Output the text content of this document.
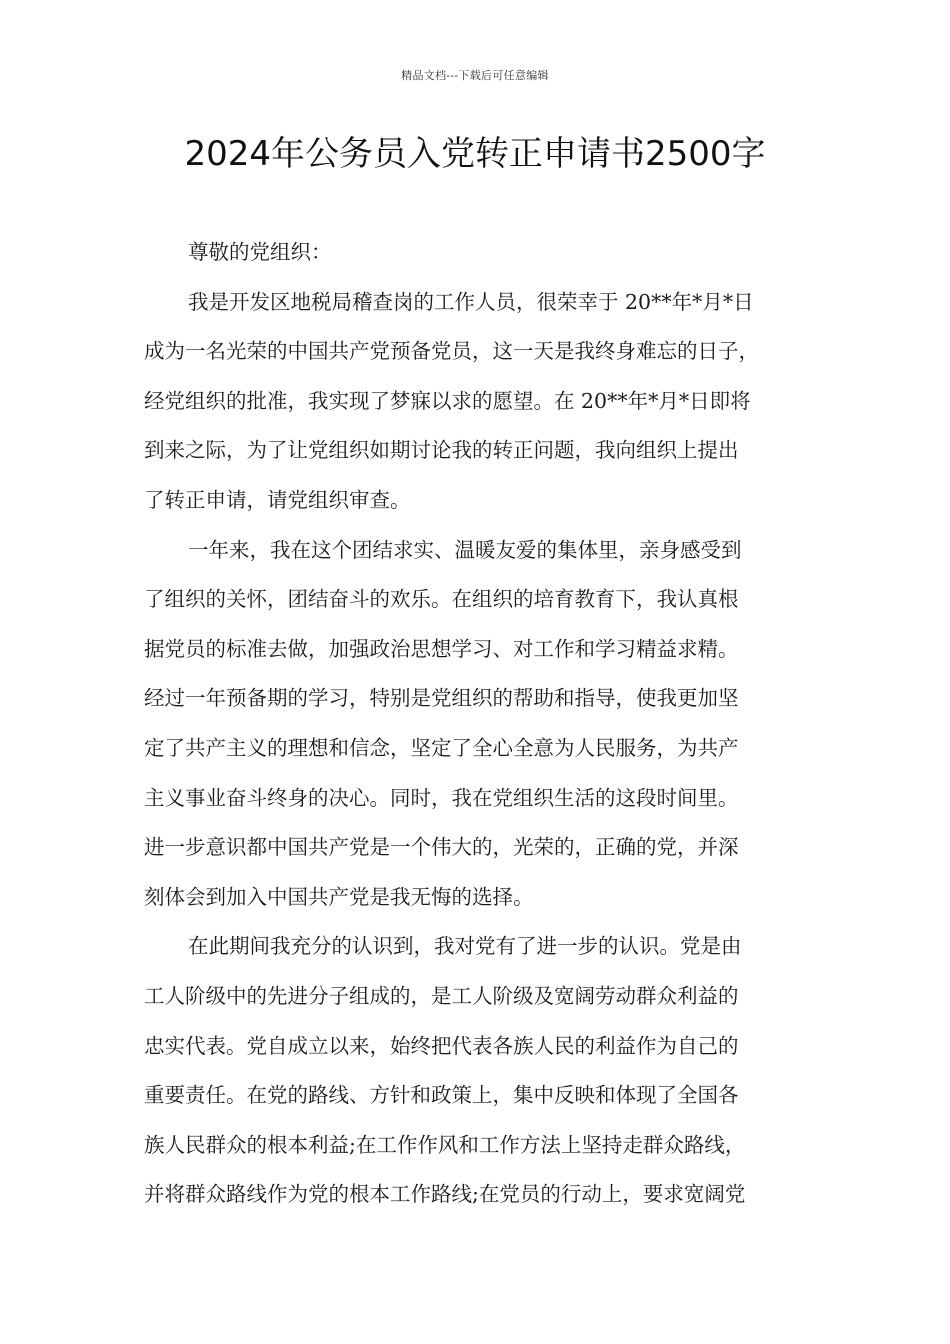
精品文档---下载后可任意编辑
2024年公务员入党转正申请书2500字

尊敬的党组织：

我是开发区地税局稽查岗的工作人员，很荣幸于 20**年*月*日
成为一名光荣的中国共产党预备党员，这一天是我终身难忘的日子，
经党组织的批准，我实现了梦寐以求的愿望。在 20**年*月*日即将
到来之际，为了让党组织如期讨论我的转正问题，我向组织上提出
了转正申请，请党组织审查。

一年来，我在这个团结求实、温暖友爱的集体里，亲身感受到
了组织的关怀，团结奋斗的欢乐。在组织的培育教育下，我认真根
据党员的标准去做，加强政治思想学习、对工作和学习精益求精。
经过一年预备期的学习，特别是党组织的帮助和指导，使我更加坚
定了共产主义的理想和信念，坚定了全心全意为人民服务，为共产
主义事业奋斗终身的决心。同时，我在党组织生活的这段时间里。
进一步意识都中国共产党是一个伟大的，光荣的，正确的党，并深
刻体会到加入中国共产党是我无悔的选择。

在此期间我充分的认识到，我对党有了进一步的认识。党是由
工人阶级中的先进分子组成的，是工人阶级及宽阔劳动群众利益的
忠实代表。党自成立以来，始终把代表各族人民的利益作为自己的
重要责任。在党的路线、方针和政策上，集中反映和体现了全国各
族人民群众的根本利益;在工作作风和工作方法上坚持走群众路线，
并将群众路线作为党的根本工作路线;在党员的行动上，要求宽阔党
